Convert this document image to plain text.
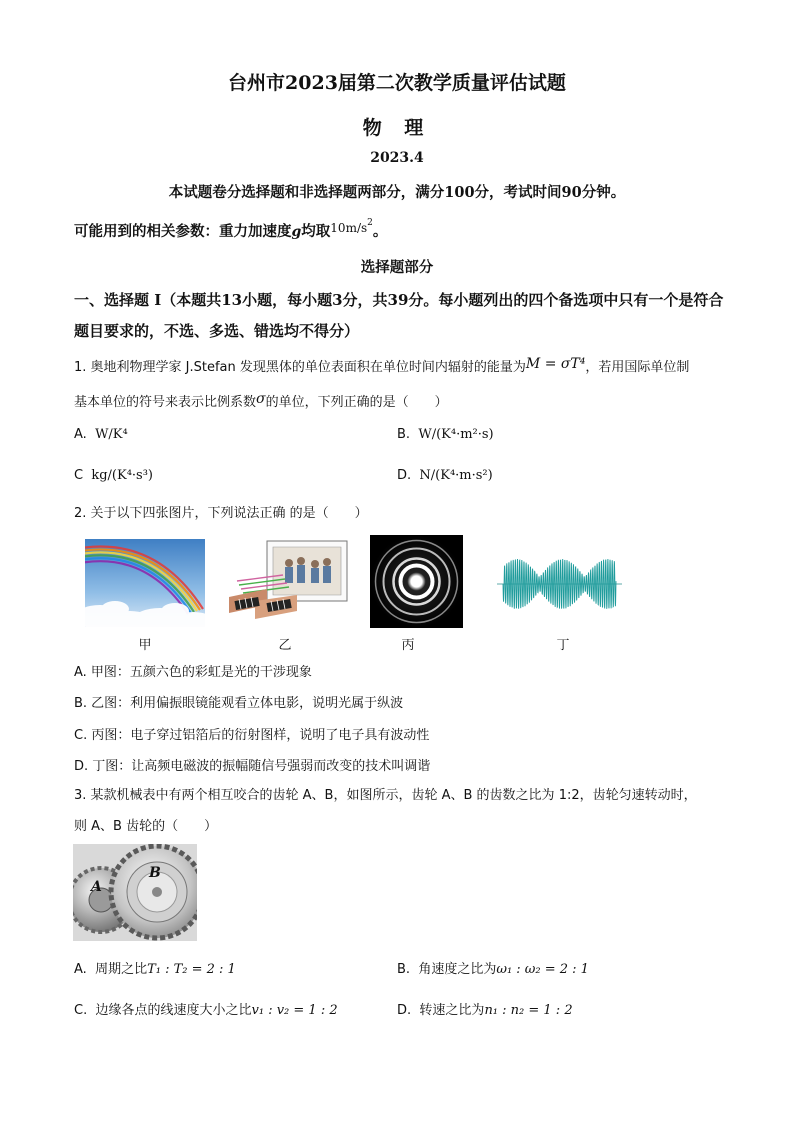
台州市2023届第二次教学质量评估试题
物 理
2023.4
本试题卷分选择题和非选择题两部分，满分100分，考试时间90分钟。
可能用到的相关参数：重力加速度g均取$^{10m/s2}$。
选择题部分
一、选择题 I（本题共13小题，每小题3分，共39分。每小题列出的四个备选项中只有一个是符合题目要求的，不选、多选、错选均不得分）
1. 奥地利物理学家 J.Stefan 发现黑体的单位表面积在单位时间内辐射的能量为M = σT⁴，若用国际单位制
基本单位的符号来表示比例系数σ的单位，下列正确的是（　　）
A. W/K⁴	B. W/(K⁴·m²·s)
C kg/(K⁴·s³)	D. N/(K⁴·m·s²)
2. 关于以下四张图片，下列说法正确 的是（　　）
甲	乙	丙	丁
A. 甲图：五颜六色的彩虹是光的干涉现象
B. 乙图：利用偏振眼镜能观看立体电影，说明光属于纵波
C. 丙图：电子穿过铝箔后的衍射图样，说明了电子具有波动性
D. 丁图：让高频电磁波的振幅随信号强弱而改变的技术叫调谐
3. 某款机械表中有两个相互咬合的齿轮 A、B，如图所示，齿轮 A、B 的齿数之比为 1:2，齿轮匀速转动时，
则 A、B 齿轮的（　　）
A
B
A. 周期之比T₁ : T₂ = 2 : 1	B. 角速度之比为ω₁ : ω₂ = 2 : 1
C. 边缘各点的线速度大小之比v₁ : v₂ = 1 : 2	D. 转速之比为n₁ : n₂ = 1 : 2
